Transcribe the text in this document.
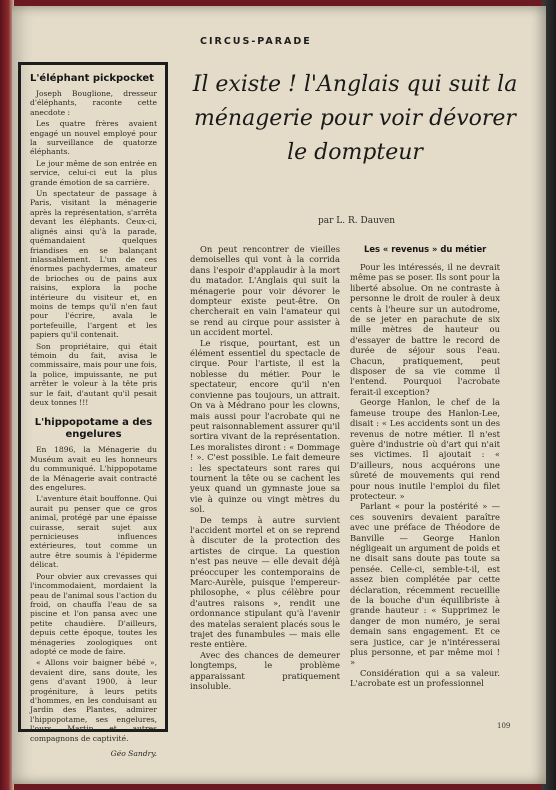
L'éléphant pickpocket

Joseph Bouglione, dresseur d'éléphants, raconte cette anecdote :

Les quatre frères avaient engagé un nouvel employé pour la surveillance de quatorze éléphants.

Le jour même de son entrée en service, celui-ci eut la plus grande émotion de sa carrière.

Un spectateur de passage à Paris, visitant la ménagerie après la représentation, s'arrêta devant les éléphants. Ceux-ci, alignés ainsi qu'à la parade, quémandaient quelques friandises en se balançant inlassablement. L'un de ces énormes pachydermes, amateur de brioches ou de pains aux raisins, explora la poche intérieure du visiteur et, en moins de temps qu'il n'en faut pour l'écrire, avala le portefeuille, l'argent et les papiers qu'il contenait.

Son propriétaire, qui était témoin du fait, avisa le commissaire, mais pour une fois, la police, impuissante, ne put arrêter le voleur à la tête pris sur le fait, d'autant qu'il pesait deux tonnes !!!

L'hippopotame a des engelures

En 1896, la Ménagerie du Muséum avait eu les honneurs du communiqué. L'hippopotame de la Ménagerie avait contracté des engelures.

L'aventure était bouffonne. Qui aurait pu penser que ce gros animal, protégé par une épaisse cuirasse, serait sujet aux pernicieuses influences extérieures, tout comme un autre être soumis à l'épiderme délicat.

Pour obvier aux crevasses qui l'incommodaient, mordaient la peau de l'animal sous l'action du froid, on chauffa l'eau de sa piscine et l'on pansa avec une petite chaudière. D'ailleurs, depuis cette époque, toutes les ménageries zoologiques ont adopté ce mode de faire.

« Allons voir baigner bébé », devaient dire, sans doute, les gens d'avant 1900, à leur progéniture, à leurs petits d'hommes, en les conduisant au Jardin des Plantes, admirer l'hippopotame, ses engelures, l'ours Martin et autres compagnons de captivité.

Géo Sandry.
CIRCUS-PARADE
Il existe ! l'Anglais qui suit la ménagerie pour voir dévorer le dompteur
par L. R. Dauven

On peut rencontrer de vieilles demoiselles qui vont à la corrida dans l'espoir d'applaudir à la mort du matador. L'Anglais qui suit la ménagerie pour voir dévorer le dompteur existe peut-être. On chercherait en vain l'amateur qui se rend au cirque pour assister à un accident mortel.

Le risque, pourtant, est un élément essentiel du spectacle de cirque. Pour l'artiste, il est la noblesse du métier. Pour le spectateur, encore qu'il n'en convienne pas toujours, un attrait. On va à Médrano pour les clowns, mais aussi pour l'acrobate qui ne peut raisonnablement assurer qu'il sortira vivant de la représentation. Les moralistes diront : « Dommage ! ». C'est possible. Le fait demeure : les spectateurs sont rares qui tournent la tête ou se cachent les yeux quand un gymnaste joue sa vie à quinze ou vingt mètres du sol.

De temps à autre survient l'accident mortel et on se reprend à discuter de la protection des artistes de cirque. La question n'est pas neuve — elle devait déjà préoccuper les contemporains de Marc-Aurèle, puisque l'empereur-philosophe, « plus célèbre pour d'autres raisons », rendit une ordonnance stipulant qu'à l'avenir des matelas seraient placés sous le trajet des funambules — mais elle reste entière.

Avec des chances de demeurer longtemps, le problème apparaissant pratiquement insoluble.

Les « revenus » du métier

Pour les intéressés, il ne devrait même pas se poser. Ils sont pour la liberté absolue. On ne contraste à personne le droit de rouler à deux cents à l'heure sur un autodrome, de se jeter en parachute de six mille mètres de hauteur ou d'essayer de battre le record de durée de séjour sous l'eau. Chacun, pratiquement, peut disposer de sa vie comme il l'entend. Pourquoi l'acrobate ferait-il exception?

George Hanlon, le chef de la fameuse troupe des Hanlon-Lee, disait : « Les accidents sont un des revenus de notre métier. Il n'est guère d'industrie où d'art qui n'ait ses victimes. Il ajoutait : « D'ailleurs, nous acquérons une sûreté de mouvements qui rend pour nous inutile l'emploi du filet protecteur. »

Parlant « pour la postérité » — ces souvenirs devaient paraître avec une préface de Théodore de Banville — George Hanlon négligeait un argument de poids et ne disait sans doute pas toute sa pensée. Celle-ci, semble-t-il, est assez bien complétée par cette déclaration, récemment recueillie de la bouche d'un équilibriste à grande hauteur : « Supprimez le danger de mon numéro, je serai demain sans engagement. Et ce sera justice, car je n'intéresserai plus personne, et par même moi ! »

Considération qui a sa valeur. L'acrobate est un professionnel

109
